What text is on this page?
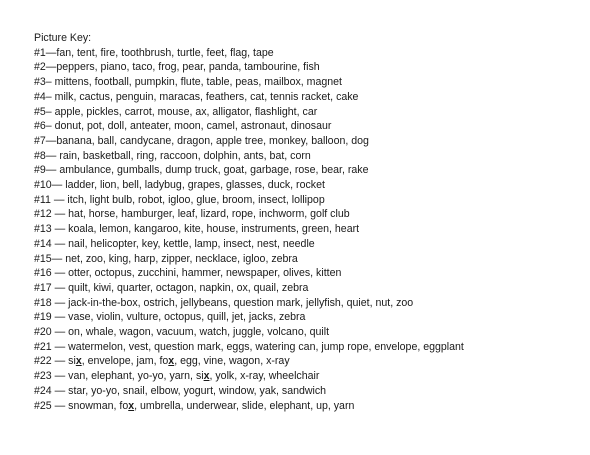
Picture Key:
#1—fan, tent, fire, toothbrush, turtle, feet, flag, tape
#2—peppers, piano, taco, frog, pear, panda, tambourine, fish
#3– mittens, football, pumpkin, flute, table, peas, mailbox, magnet
#4– milk, cactus, penguin, maracas, feathers, cat, tennis racket, cake
#5– apple, pickles, carrot, mouse, ax, alligator, flashlight, car
#6– donut, pot, doll, anteater, moon, camel, astronaut, dinosaur
#7—banana, ball, candycane, dragon, apple tree, monkey, balloon, dog
#8— rain, basketball, ring, raccoon, dolphin, ants, bat, corn
#9— ambulance, gumballs, dump truck, goat, garbage, rose, bear, rake
#10— ladder, lion, bell, ladybug, grapes, glasses, duck, rocket
#11 — itch, light bulb, robot, igloo, glue, broom, insect, lollipop
#12 — hat, horse, hamburger, leaf, lizard, rope, inchworm, golf club
#13 — koala, lemon, kangaroo, kite, house, instruments, green, heart
#14 — nail, helicopter, key, kettle, lamp, insect, nest, needle
#15— net, zoo, king, harp, zipper, necklace, igloo, zebra
#16 — otter, octopus, zucchini, hammer, newspaper, olives, kitten
#17 — quilt, kiwi, quarter, octagon, napkin, ox, quail, zebra
#18 — jack-in-the-box, ostrich, jellybeans, question mark, jellyfish, quiet, nut, zoo
#19 — vase, violin, vulture, octopus, quill, jet, jacks, zebra
#20 — on, whale, wagon, vacuum, watch, juggle, volcano, quilt
#21 — watermelon, vest, question mark, eggs, watering can, jump rope, envelope, eggplant
#22 — six, envelope, jam, fox, egg, vine, wagon, x-ray
#23 — van, elephant, yo-yo, yarn, six, yolk, x-ray, wheelchair
#24 — star, yo-yo, snail, elbow, yogurt, window, yak, sandwich
#25 — snowman, fox, umbrella, underwear, slide, elephant, up, yarn
